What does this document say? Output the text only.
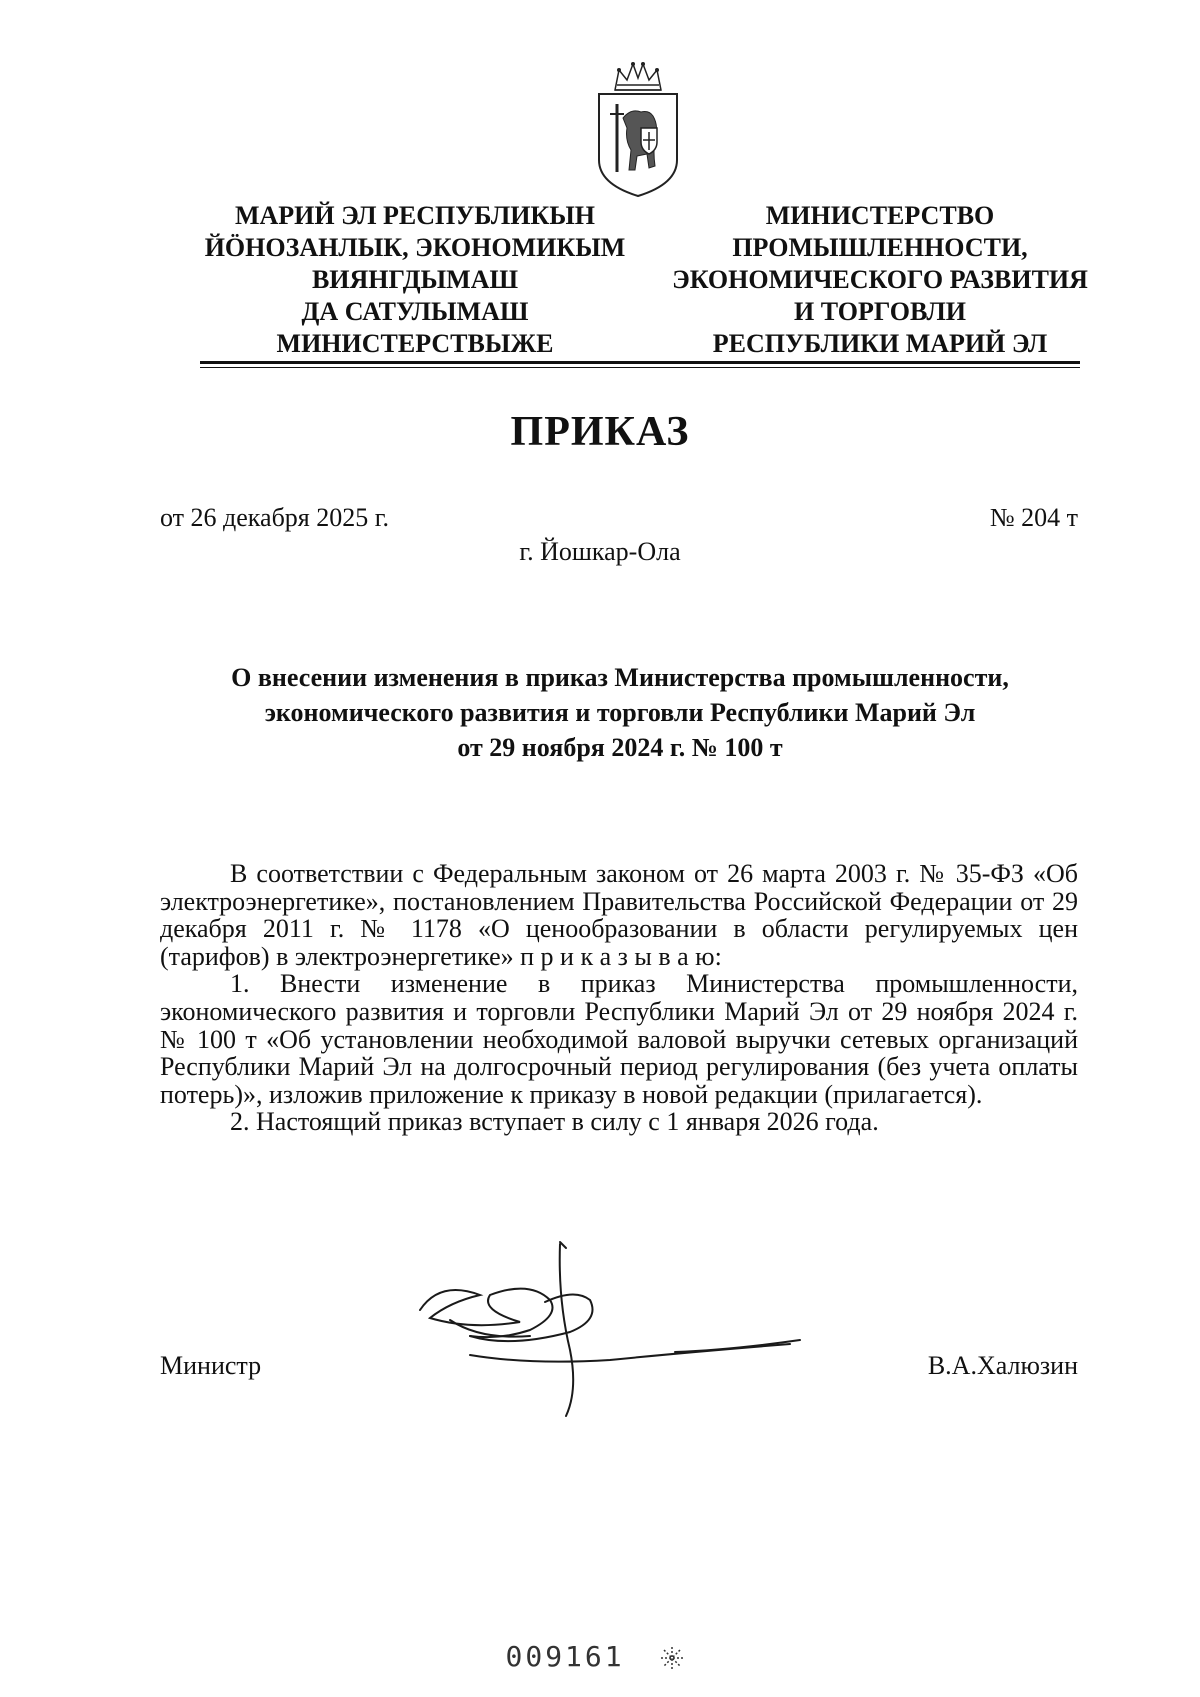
МАРИЙ ЭЛ РЕСПУБЛИКЫН
ЙӦНОЗАНЛЫК, ЭКОНОМИКЫМ
ВИЯНГДЫМАШ
ДА САТУЛЫМАШ
МИНИСТЕРСТВЫЖЕ
МИНИСТЕРСТВО
ПРОМЫШЛЕННОСТИ,
ЭКОНОМИЧЕСКОГО РАЗВИТИЯ
И ТОРГОВЛИ
РЕСПУБЛИКИ МАРИЙ ЭЛ
ПРИКАЗ
от 26 декабря 2025 г.	№ 204 т
г. Йошкар-Ола
О внесении изменения в приказ Министерства промышленности,
экономического развития и торговли Республики Марий Эл
от 29 ноября 2024 г. № 100 т

В соответствии с Федеральным законом от 26 марта 2003 г. № 35-ФЗ «Об электроэнергетике», постановлением Правительства Российской Федерации от 29 декабря 2011 г. № 1178 «О ценообразовании в области регулируемых цен (тарифов) в электроэнергетике» п р и к а з ы в а ю:

1. Внести изменение в приказ Министерства промышленности, экономического развития и торговли Республики Марий Эл от 29 ноября 2024 г. № 100 т «Об установлении необходимой валовой выручки сетевых организаций Республики Марий Эл на долгосрочный период регулирования (без учета оплаты потерь)», изложив приложение к приказу в новой редакции (прилагается).

2. Настоящий приказ вступает в силу с 1 января 2026 года.

Министр	В.А.Халюзин
009161
